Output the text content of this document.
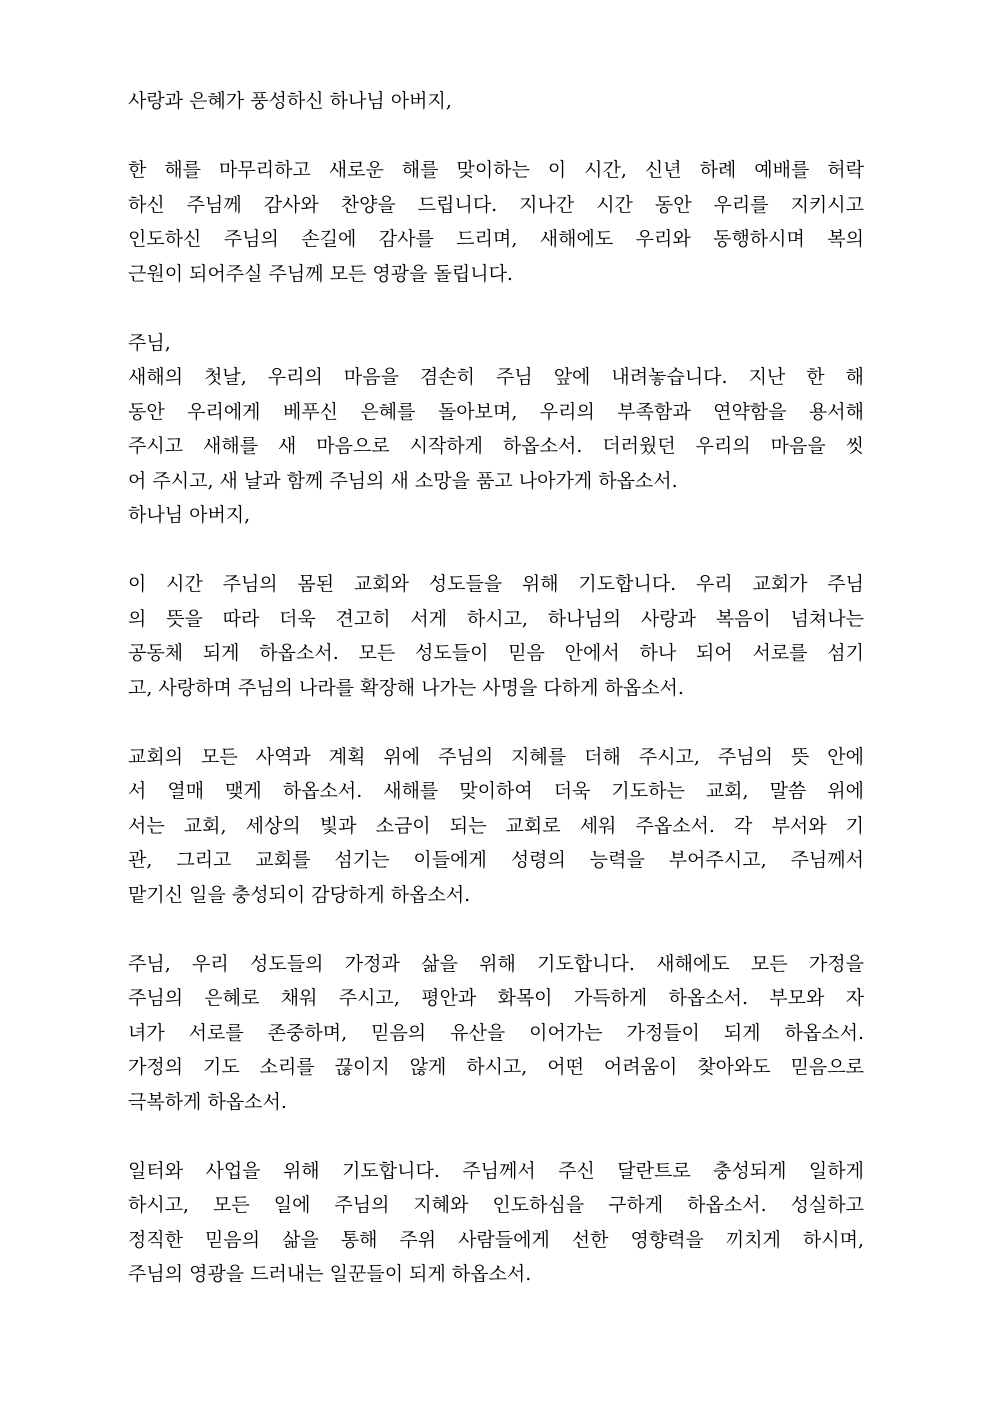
사랑과 은혜가 풍성하신 하나님 아버지,
한 해를 마무리하고 새로운 해를 맞이하는 이 시간, 신년 하례 예배를 허락
하신 주님께 감사와 찬양을 드립니다. 지나간 시간 동안 우리를 지키시고
인도하신 주님의 손길에 감사를 드리며, 새해에도 우리와 동행하시며 복의
근원이 되어주실 주님께 모든 영광을 돌립니다.
주님,
새해의 첫날, 우리의 마음을 겸손히 주님 앞에 내려놓습니다. 지난 한 해
동안 우리에게 베푸신 은혜를 돌아보며, 우리의 부족함과 연약함을 용서해
주시고 새해를 새 마음으로 시작하게 하옵소서. 더러웠던 우리의 마음을 씻
어 주시고, 새 날과 함께 주님의 새 소망을 품고 나아가게 하옵소서.
하나님 아버지,
이 시간 주님의 몸된 교회와 성도들을 위해 기도합니다. 우리 교회가 주님
의 뜻을 따라 더욱 견고히 서게 하시고, 하나님의 사랑과 복음이 넘쳐나는
공동체 되게 하옵소서. 모든 성도들이 믿음 안에서 하나 되어 서로를 섬기
고, 사랑하며 주님의 나라를 확장해 나가는 사명을 다하게 하옵소서.
교회의 모든 사역과 계획 위에 주님의 지혜를 더해 주시고, 주님의 뜻 안에
서 열매 맺게 하옵소서. 새해를 맞이하여 더욱 기도하는 교회, 말씀 위에
서는 교회, 세상의 빛과 소금이 되는 교회로 세워 주옵소서. 각 부서와 기
관, 그리고 교회를 섬기는 이들에게 성령의 능력을 부어주시고, 주님께서
맡기신 일을 충성되이 감당하게 하옵소서.
주님, 우리 성도들의 가정과 삶을 위해 기도합니다. 새해에도 모든 가정을
주님의 은혜로 채워 주시고, 평안과 화목이 가득하게 하옵소서. 부모와 자
녀가 서로를 존중하며, 믿음의 유산을 이어가는 가정들이 되게 하옵소서.
가정의 기도 소리를 끊이지 않게 하시고, 어떤 어려움이 찾아와도 믿음으로
극복하게 하옵소서.
일터와 사업을 위해 기도합니다. 주님께서 주신 달란트로 충성되게 일하게
하시고, 모든 일에 주님의 지혜와 인도하심을 구하게 하옵소서. 성실하고
정직한 믿음의 삶을 통해 주위 사람들에게 선한 영향력을 끼치게 하시며,
주님의 영광을 드러내는 일꾼들이 되게 하옵소서.
